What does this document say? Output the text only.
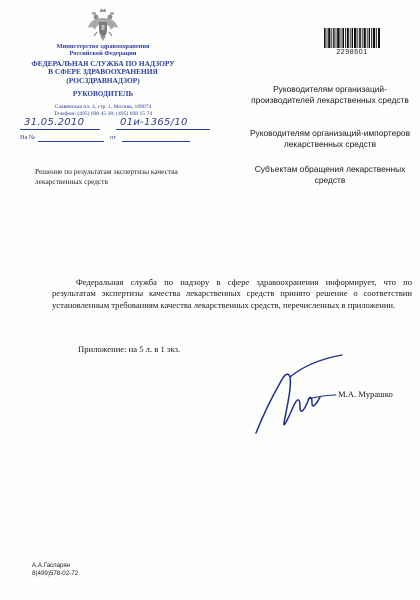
Министерство здравоохранения
Российской Федерации
ФЕДЕРАЛЬНАЯ СЛУЖБА ПО НАДЗОРУ
В СФЕРЕ ЗДРАВООХРАНЕНИЯ
(РОСЗДРАВНАДЗОР)
РУКОВОДИТЕЛЬ
Славянская пл. 4, стр. 1, Москва, 109074
Телефон: (495) 698 45 38; (495) 698 15 74
31.05.2010	01и-1365/10
На №	от
Решение по результатам экспертизы качества лекарственных средств
2298601
Руководителям организаций-производителей лекарственных средств
Руководителям организаций-импортеров лекарственных средств
Субъектам обращения лекарственных средств
Федеральная служба по надзору в сфере здравоохранения информирует, что по результатам экспертизы качества лекарственных средств принято решение о соответствии установленным требованиям качества лекарственных средств, перечисленных в приложении.
Приложение: на 5 л. в 1 экз.
М.А. Мурашко
А.А.Гаспарян
8(499)578-02-72
